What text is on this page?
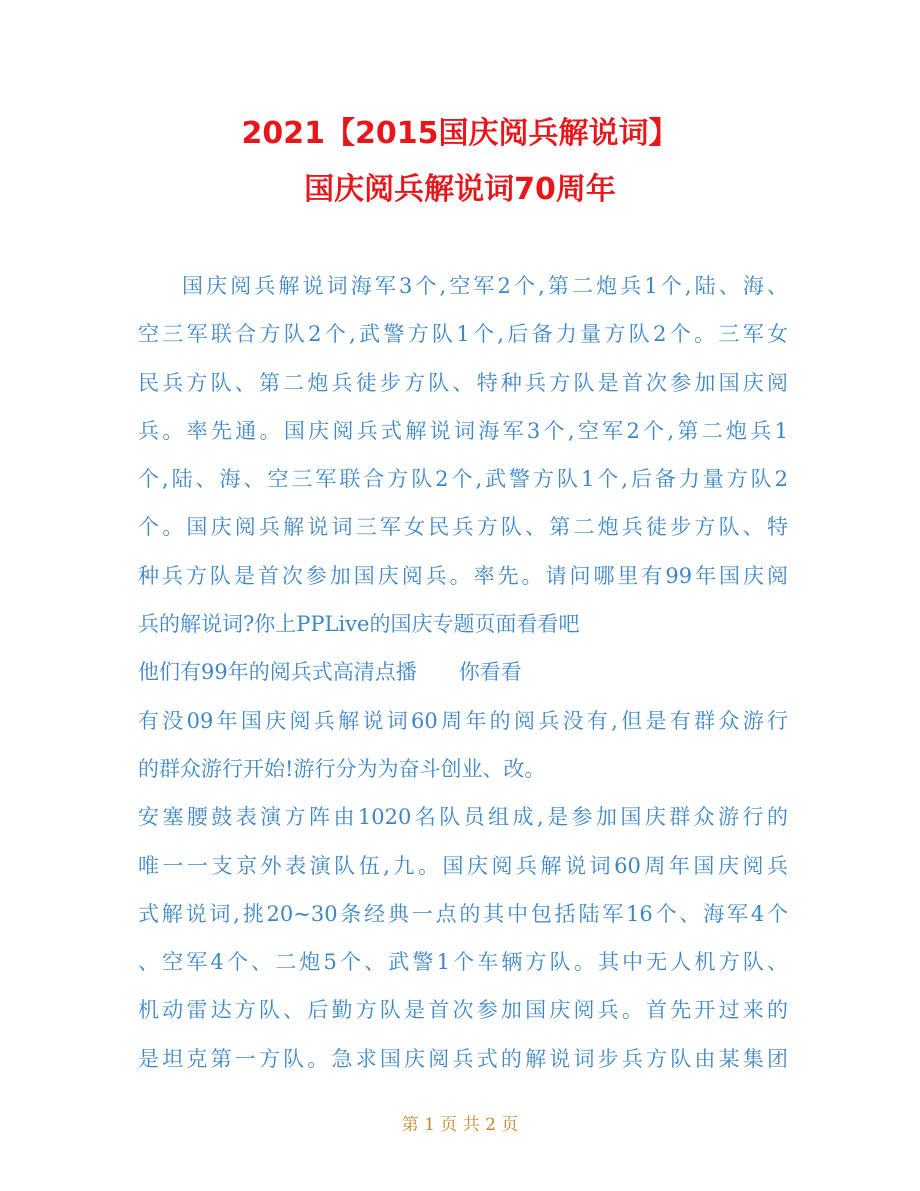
2021【2015国庆阅兵解说词】
国庆阅兵解说词70周年
国庆阅兵解说词海军3个,空军2个,第二炮兵1个,陆、海、
空三军联合方队2个,武警方队1个,后备力量方队2个。三军女
民兵方队、第二炮兵徒步方队、特种兵方队是首次参加国庆阅
兵。率先通。国庆阅兵式解说词海军3个,空军2个,第二炮兵1
个,陆、海、空三军联合方队2个,武警方队1个,后备力量方队2
个。国庆阅兵解说词三军女民兵方队、第二炮兵徒步方队、特
种兵方队是首次参加国庆阅兵。率先。请问哪里有99年国庆阅
兵的解说词?你上PPLive的国庆专题页面看看吧
他们有99年的阅兵式高清点播　　你看看
有没09年国庆阅兵解说词60周年的阅兵没有,但是有群众游行
的群众游行开始!游行分为为奋斗创业、改。
安塞腰鼓表演方阵由1020名队员组成,是参加国庆群众游行的
唯一一支京外表演队伍,九。国庆阅兵解说词60周年国庆阅兵
式解说词,挑20~30条经典一点的其中包括陆军16个、海军4个
、空军4个、二炮5个、武警1个车辆方队。其中无人机方队、
机动雷达方队、后勤方队是首次参加国庆阅兵。首先开过来的
是坦克第一方队。急求国庆阅兵式的解说词步兵方队由某集团
第 1 页 共 2 页
